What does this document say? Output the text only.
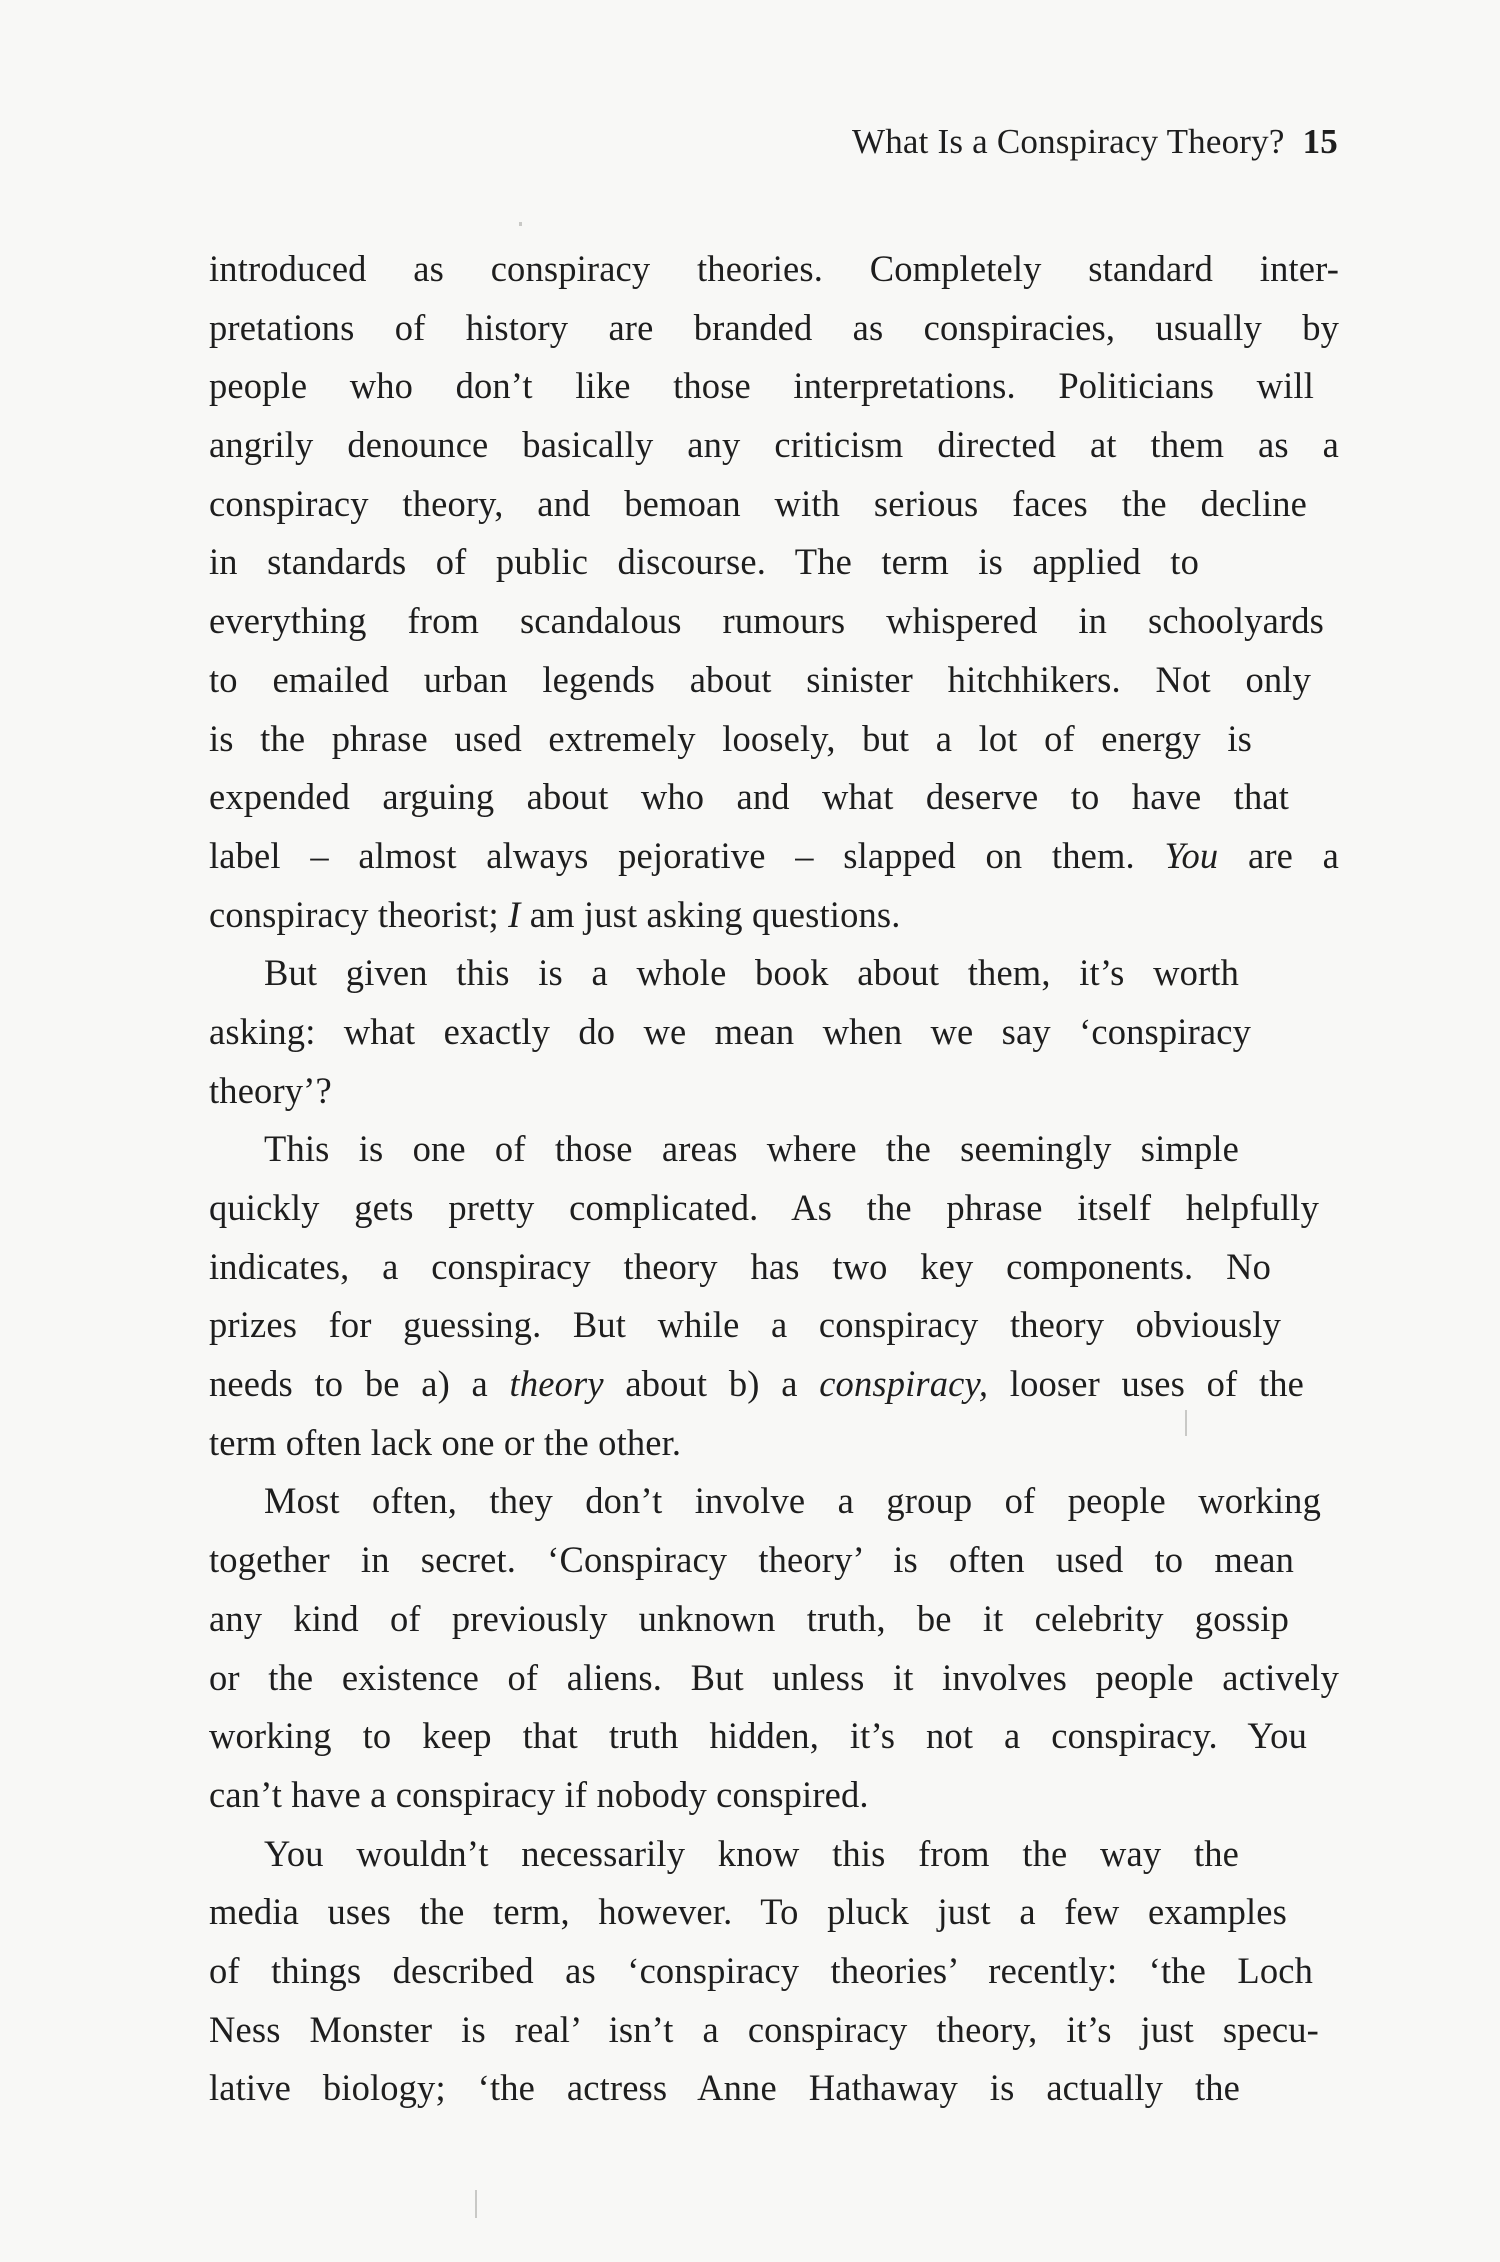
What Is a Conspiracy Theory? 15
introduced as conspiracy theories. Completely standard inter-
pretations of history are branded as conspiracies, usually by
people who don’t like those interpretations. Politicians will
angrily denounce basically any criticism directed at them as a
conspiracy theory, and bemoan with serious faces the decline
in standards of public discourse. The term is applied to
everything from scandalous rumours whispered in schoolyards
to emailed urban legends about sinister hitchhikers. Not only
is the phrase used extremely loosely, but a lot of energy is
expended arguing about who and what deserve to have that
label – almost always pejorative – slapped on them. You are a
conspiracy theorist; I am just asking questions.
But given this is a whole book about them, it’s worth
asking: what exactly do we mean when we say ‘conspiracy
theory’?
This is one of those areas where the seemingly simple
quickly gets pretty complicated. As the phrase itself helpfully
indicates, a conspiracy theory has two key components. No
prizes for guessing. But while a conspiracy theory obviously
needs to be a) a theory about b) a conspiracy, looser uses of the
term often lack one or the other.
Most often, they don’t involve a group of people working
together in secret. ‘Conspiracy theory’ is often used to mean
any kind of previously unknown truth, be it celebrity gossip
or the existence of aliens. But unless it involves people actively
working to keep that truth hidden, it’s not a conspiracy. You
can’t have a conspiracy if nobody conspired.
You wouldn’t necessarily know this from the way the
media uses the term, however. To pluck just a few examples
of things described as ‘conspiracy theories’ recently: ‘the Loch
Ness Monster is real’ isn’t a conspiracy theory, it’s just specu-
lative biology; ‘the actress Anne Hathaway is actually the
